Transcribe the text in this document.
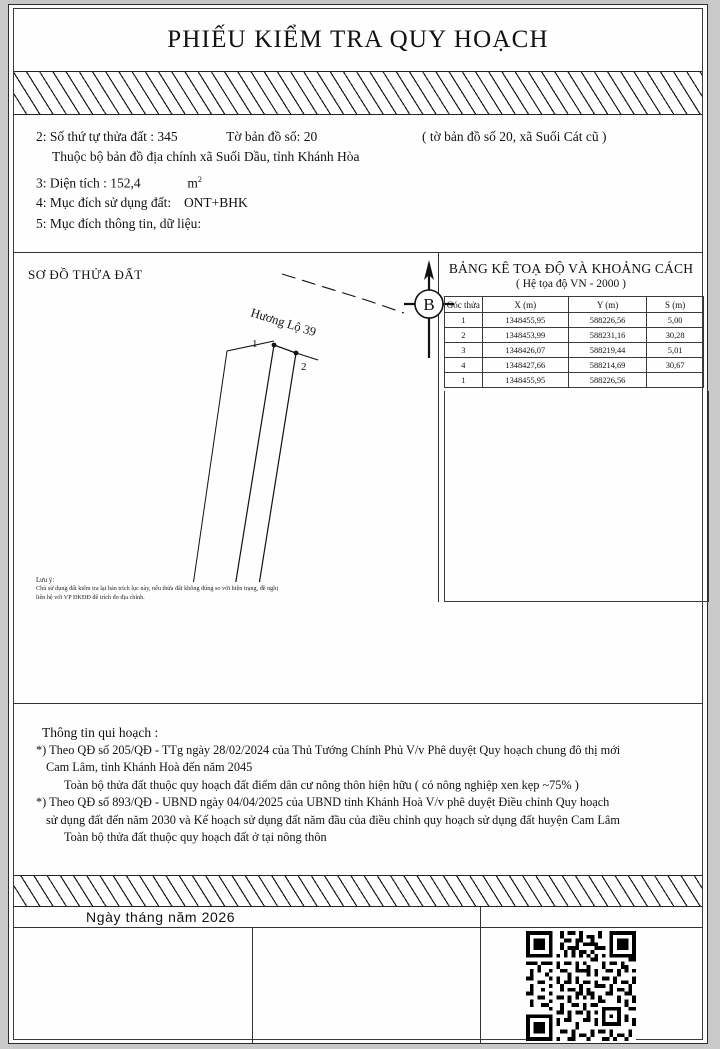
PHIẾU KIỂM TRA QUY HOẠCH
2: Số thứ tự thửa đất : 345	Tờ bản đồ số: 20	( tờ bản đồ số 20, xã Suối Cát cũ )
Thuộc bộ bản đồ địa chính xã Suối Dầu, tỉnh Khánh Hòa
3: Diện tích : 152,4	$m^2$
4: Mục đích sử dụng đất: ONT+BHK
5: Mục đích thông tin, dữ liệu:
SƠ ĐỒ THỬA ĐẤT
1
2
Hương Lộ 39
B
BẢNG KÊ TOẠ ĐỘ VÀ KHOẢNG CÁCH
( Hệ tọa độ VN - 2000 )
Góc thửa	X (m)	Y (m)	S (m)
1	1348455,95	588226,56	5,00
2	1348453,99	588231,16	30,28
3	1348426,07	588219,44	5,01
4	1348427,66	588214,69	30,67
1	1348455,95	588226,56	
Lưu ý:
Chủ sử dụng đất kiểm tra lại bản trích lục này, nếu thửa đất không đúng so với hiện trạng, đề nghị
liên hệ với VP ĐKĐĐ để trích đo địa chính.

Thông tin qui hoạch :

*) Theo QĐ số 205/QĐ - TTg ngày 28/02/2024 của Thủ Tướng Chính Phủ V/v Phê duyệt Quy hoạch chung đô thị mới

Cam Lâm, tỉnh Khánh Hoà đến năm 2045

Toàn bộ thửa đất thuộc quy hoạch đất điểm dân cư nông thôn hiện hữu ( có nông nghiệp xen kẹp ~75% )

*) Theo QĐ số 893/QĐ - UBND ngày 04/04/2025 của UBND tỉnh Khánh Hoà V/v phê duyệt Điều chỉnh Quy hoạch

sử dụng đất đến năm 2030 và Kế hoạch sử dụng đất năm đầu của điều chỉnh quy hoạch sử dụng đất huyện Cam Lâm

Toàn bộ thửa đất thuộc quy hoạch đất ở tại nông thôn

Ngày tháng năm 2026
